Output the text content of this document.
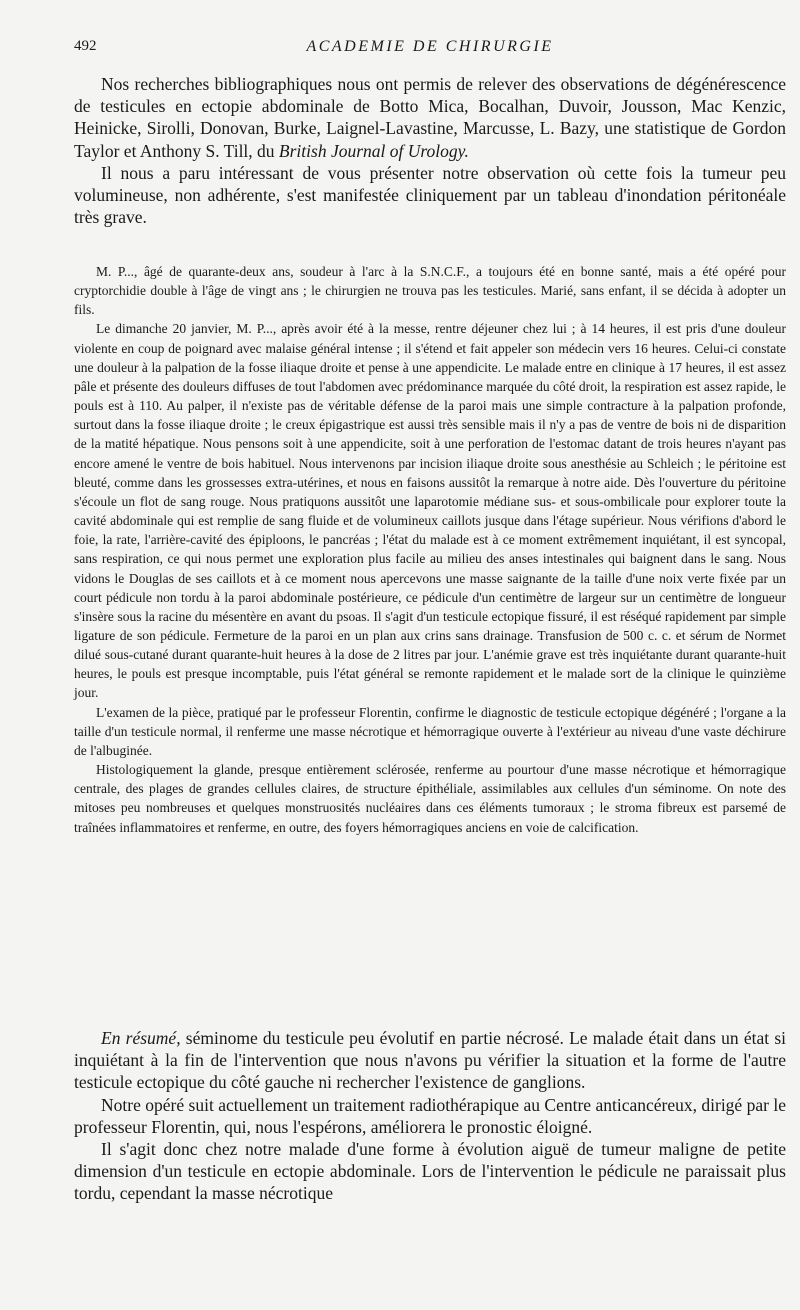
492	ACADEMIE DE CHIRURGIE

Nos recherches bibliographiques nous ont permis de relever des observations de dégénérescence de testicules en ectopie abdominale de Botto Mica, Bocalhan, Duvoir, Jousson, Mac Kenzic, Heinicke, Sirolli, Donovan, Burke, Laignel-Lavastine, Marcusse, L. Bazy, une statistique de Gordon Taylor et Anthony S. Till, du British Journal of Urology.

Il nous a paru intéressant de vous présenter notre observation où cette fois la tumeur peu volumineuse, non adhérente, s'est manifestée cliniquement par un tableau d'inondation péritonéale très grave.

M. P..., âgé de quarante-deux ans, soudeur à l'arc à la S.N.C.F., a toujours été en bonne santé, mais a été opéré pour cryptorchidie double à l'âge de vingt ans ; le chirurgien ne trouva pas les testicules. Marié, sans enfant, il se décida à adopter un fils.

Le dimanche 20 janvier, M. P..., après avoir été à la messe, rentre déjeuner chez lui ; à 14 heures, il est pris d'une douleur violente en coup de poignard avec malaise général intense ; il s'étend et fait appeler son médecin vers 16 heures. Celui-ci constate une douleur à la palpation de la fosse iliaque droite et pense à une appendicite. Le malade entre en clinique à 17 heures, il est assez pâle et présente des douleurs diffuses de tout l'abdomen avec prédominance marquée du côté droit, la respiration est assez rapide, le pouls est à 110. Au palper, il n'existe pas de véritable défense de la paroi mais une simple contracture à la palpation profonde, surtout dans la fosse iliaque droite ; le creux épigastrique est aussi très sensible mais il n'y a pas de ventre de bois ni de disparition de la matité hépatique. Nous pensons soit à une appendicite, soit à une perforation de l'estomac datant de trois heures n'ayant pas encore amené le ventre de bois habituel. Nous intervenons par incision iliaque droite sous anesthésie au Schleich ; le péritoine est bleuté, comme dans les grossesses extra-utérines, et nous en faisons aussitôt la remarque à notre aide. Dès l'ouverture du péritoine s'écoule un flot de sang rouge. Nous pratiquons aussitôt une laparotomie médiane sus- et sous-ombilicale pour explorer toute la cavité abdominale qui est remplie de sang fluide et de volumineux caillots jusque dans l'étage supérieur. Nous vérifions d'abord le foie, la rate, l'arrière-cavité des épiploons, le pancréas ; l'état du malade est à ce moment extrêmement inquiétant, il est syncopal, sans respiration, ce qui nous permet une exploration plus facile au milieu des anses intestinales qui baignent dans le sang. Nous vidons le Douglas de ses caillots et à ce moment nous apercevons une masse saignante de la taille d'une noix verte fixée par un court pédicule non tordu à la paroi abdominale postérieure, ce pédicule d'un centimètre de largeur sur un centimètre de longueur s'insère sous la racine du mésentère en avant du psoas. Il s'agit d'un testicule ectopique fissuré, il est réséqué rapidement par simple ligature de son pédicule. Fermeture de la paroi en un plan aux crins sans drainage. Transfusion de 500 c. c. et sérum de Normet dilué sous-cutané durant quarante-huit heures à la dose de 2 litres par jour. L'anémie grave est très inquiétante durant quarante-huit heures, le pouls est presque incomptable, puis l'état général se remonte rapidement et le malade sort de la clinique le quinzième jour.

L'examen de la pièce, pratiqué par le professeur Florentin, confirme le diagnostic de testicule ectopique dégénéré ; l'organe a la taille d'un testicule normal, il renferme une masse nécrotique et hémorragique ouverte à l'extérieur au niveau d'une vaste déchirure de l'albuginée.

Histologiquement la glande, presque entièrement sclérosée, renferme au pourtour d'une masse nécrotique et hémorragique centrale, des plages de grandes cellules claires, de structure épithéliale, assimilables aux cellules d'un séminome. On note des mitoses peu nombreuses et quelques monstruosités nucléaires dans ces éléments tumoraux ; le stroma fibreux est parsemé de traînées inflammatoires et renferme, en outre, des foyers hémorragiques anciens en voie de calcification.

En résumé, séminome du testicule peu évolutif en partie nécrosé. Le malade était dans un état si inquiétant à la fin de l'intervention que nous n'avons pu vérifier la situation et la forme de l'autre testicule ectopique du côté gauche ni rechercher l'existence de ganglions.

Notre opéré suit actuellement un traitement radiothérapique au Centre anticancéreux, dirigé par le professeur Florentin, qui, nous l'espérons, améliorera le pronostic éloigné.

Il s'agit donc chez notre malade d'une forme à évolution aiguë de tumeur maligne de petite dimension d'un testicule en ectopie abdominale. Lors de l'intervention le pédicule ne paraissait plus tordu, cependant la masse nécrotique
